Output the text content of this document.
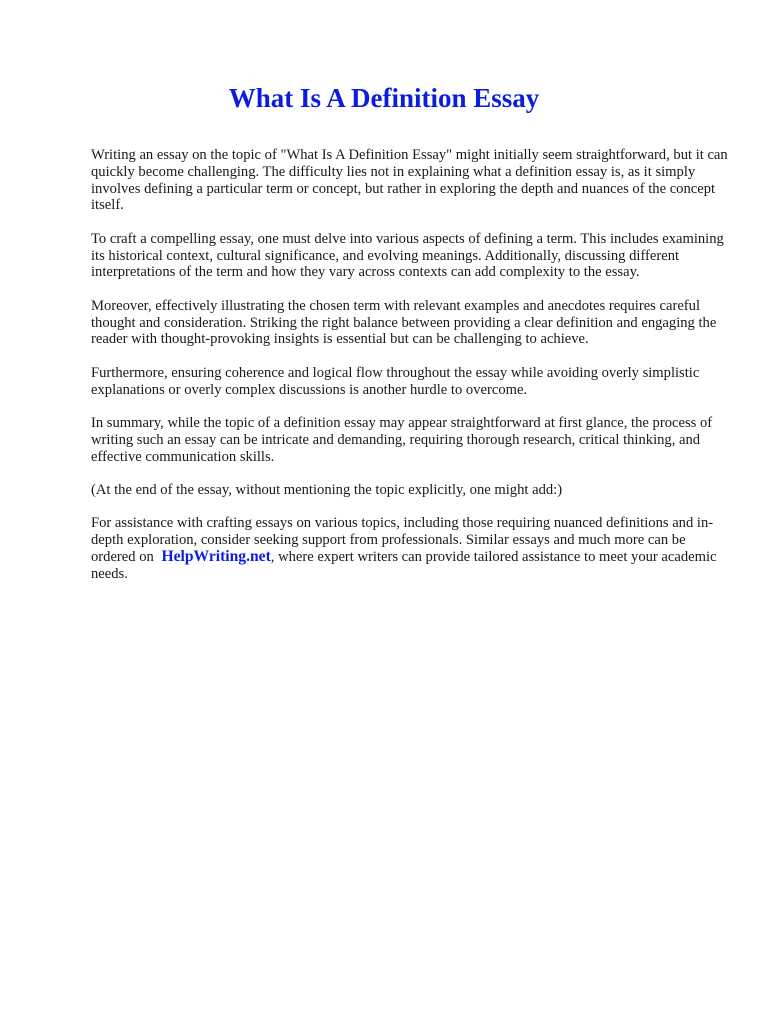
What Is A Definition Essay

Writing an essay on the topic of "What Is A Definition Essay" might initially seem straightforward, but it can quickly become challenging. The difficulty lies not in explaining what a definition essay is, as it simply involves defining a particular term or concept, but rather in exploring the depth and nuances of the concept itself.

To craft a compelling essay, one must delve into various aspects of defining a term. This includes examining its historical context, cultural significance, and evolving meanings. Additionally, discussing different interpretations of the term and how they vary across contexts can add complexity to the essay.

Moreover, effectively illustrating the chosen term with relevant examples and anecdotes requires careful thought and consideration. Striking the right balance between providing a clear definition and engaging the reader with thought-provoking insights is essential but can be challenging to achieve.

Furthermore, ensuring coherence and logical flow throughout the essay while avoiding overly simplistic explanations or overly complex discussions is another hurdle to overcome.

In summary, while the topic of a definition essay may appear straightforward at first glance, the process of writing such an essay can be intricate and demanding, requiring thorough research, critical thinking, and effective communication skills.

(At the end of the essay, without mentioning the topic explicitly, one might add:)

For assistance with crafting essays on various topics, including those requiring nuanced definitions and in-depth exploration, consider seeking support from professionals. Similar essays and much more can be ordered on HelpWriting.net, where expert writers can provide tailored assistance to meet your academic needs.
